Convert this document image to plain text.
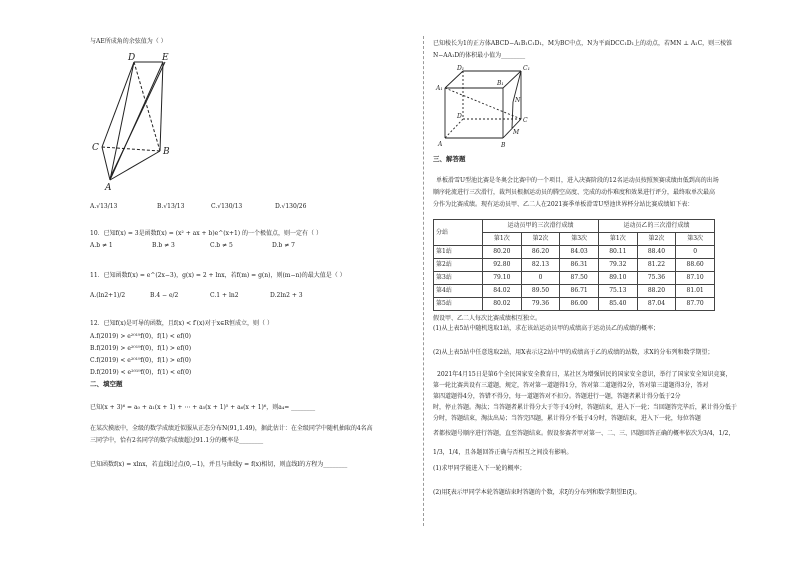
与AE所成角的余弦值为（ ）
D	E
C	B
A
A.√13/13	B.√13/13	C.√130/13	D.√130/26
10．已知f(x) = 3是函数f(x) = (x² + ax + b)e^(x+1) 的一个极值点，则一定有（ ）
A.b ≠ 1	B.b ≠ 3	C.b ≠ 5	D.b ≠ 7
11．已知函数f(x) = e^(2x−3)，g(x) = 2 + lnx，若f(m) = g(n)，则(m−n)的最大值是（ ）
A.(ln2+1)/2	B.4 − e/2	C.1 + ln2	D.2ln2 + 3
12．已知f(x)是可导的函数，且f(x) < f′(x)对于x∈R恒成立，则（ ）
A.f(2019) > e²⁰¹⁹f(0)，f(1) < ef(0)
B.f(2019) > e²⁰¹⁹f(0)，f(1) > ef(0)
C.f(2019) < e²⁰¹⁹f(0)，f(1) > ef(0)
D.f(2019) < e²⁰¹⁹f(0)，f(1) < ef(0)
二、填空题
已知(x + 3)⁶ = a₀ + a₁(x + 1) + ⋯ + a₅(x + 1)⁵ + a₆(x + 1)⁶，则a₄= ________
在某次摸底中，全级的数学成绩近似服从正态分布N(91,1.49)，据此估计：在全级同学中随机抽取的4名高
三同学中，恰有2名同学的数学成绩超过91.1分的概率是________
已知函数f(x) = xlnx，若直线l过点(0,−1)，并且与曲线y = f(x)相切，则直线l的方程为________
已知棱长为1的正方体ABCD−A₁B₁C₁D₁，M为BC中点，N为平面DCC₁D₁上的动点，若MN ⊥ A₁C，则三棱锥
N−AA₁D的体积最小值为________
D₁	C₁
A₁
B₁
D
C
A	B
N
M
三、解答题
单板滑雪U型池比赛是冬奥会比赛中的一个项目，进入决赛阶段的12名运动员按照预赛成绩由低到高的出场
顺序轮流进行三次滑行，裁判员根据运动员的腾空高度、完成的动作难度和效果进行评分，最终取单次最高
分作为比赛成绩。现有运动员甲、乙二人在2021赛季单板滑雪U型池世界杯分站比赛成绩如下表：
分站	运动员甲的三次滑行成绩			运动员乙的三次滑行成绩		
	第1次	第2次	第3次	第1次	第2次	第3次
第1站	80.20	86.20	84.03	80.11	88.40	0
第2站	92.80	82.13	86.31	79.32	81.22	88.60
第3站	79.10	0	87.50	89.10	75.36	87.10
第4站	84.02	89.50	86.71	75.13	88.20	81.01
第5站	80.02	79.36	86.00	85.40	87.04	87.70
假设甲、乙二人每次比赛成绩相互独立。
(1)从上表5站中随机选取1站，求在该站运动员甲的成绩高于运动员乙的成绩的概率；
(2)从上表5站中任意选取2站，用X表示这2站中甲的成绩高于乙的成绩的站数，求X的分布列和数学期望；
2021年4月15日是第6个全民国家安全教育日，某社区为增强居民的国家安全意识，举行了国家安全知识竞赛，
第一轮比赛共设有三道题，规定，答对第一道题得1分，答对第二道题得2分，答对第三道题得3分，答对
第四道题得4分，答错不得分，每一道题答对不扣分。答题进行一题，答题者累计得分低于2分
时，停止答题。淘汰；当答题者累计得分大于等于4分时，答题结束，进入下一轮；当回题答完毕后，累计得分低于
分时，答题结束，淘汰出局；当答完四题，累计得分不低于4分时，答题结束，进入下一轮，每位答题
者都按题号顺序进行答题，直至答题结束。假设参赛者甲对第一、二、三、四题回答正确的概率依次为3/4，1/2，
1/3，1/4，且各题回答正确与否相互之间没有影响。
(1)求甲同学能进入下一轮的概率；
(2)用ξ表示甲同学本轮答题结束时答题的个数，求ξ的分布列和数学期望E(ξ)。
